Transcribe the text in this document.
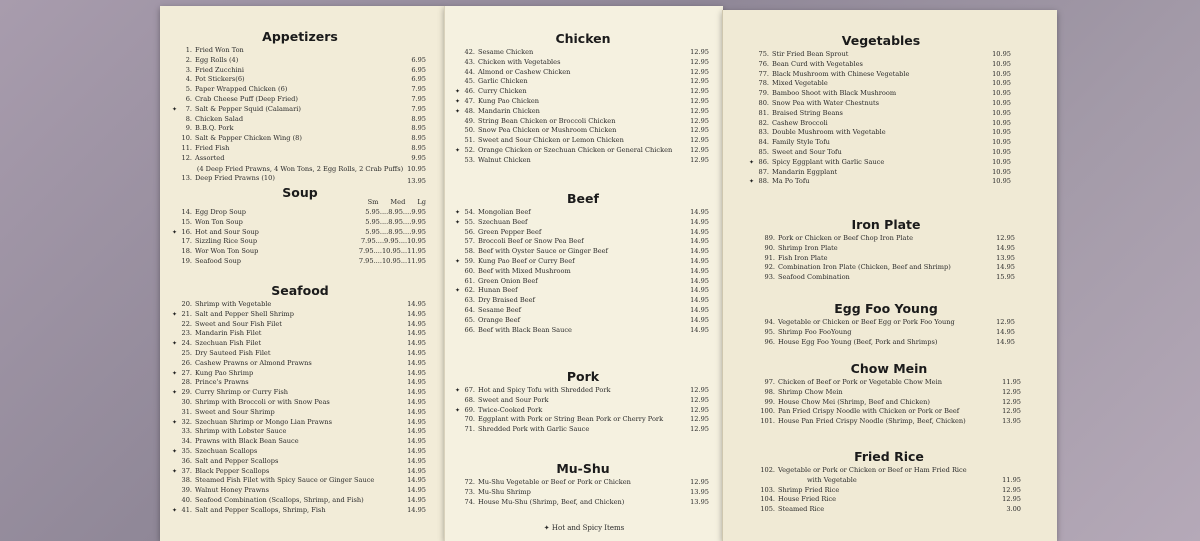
Appetizers
1. Fried Won Ton
2. Egg Rolls (4)	6.95
3. Fried Zucchini	6.95
4. Pot Stickers(6)	6.95
5. Paper Wrapped Chicken (6)	7.95
6. Crab Cheese Puff (Deep Fried)	7.95
✦ 7. Salt & Pepper Squid (Calamari)	7.95
8. Chicken Salad	8.95
9. B.B.Q. Pork	8.95
10. Salt & Papper Chicken Wing (8)	8.95
11. Fried Fish	8.95
12. Assorted	9.95
(4 Deep Fried Prawns, 4 Won Tons, 2 Egg Rolls, 2 Crab Puffs) 10.95
13. Deep Fried Prawns (10)	13.95
Soup
Sm Med Lg
14. Egg Drop Soup	5.95....8.95....9.95
15. Won Ton Soup	5.95....8.95....9.95
✦ 16. Hot and Sour Soup	5.95....8.95....9.95
17. Sizzling Rice Soup	7.95....9.95....10.95
18. Wor Won Ton Soup	7.95....10.95...11.95
19. Seafood Soup	7.95....10.95...11.95
Seafood
20. Shrimp with Vegetable	14.95
✦ 21. Salt and Pepper Shell Shrimp	14.95
22. Sweet and Sour Fish Filet	14.95
23. Mandarin Fish Filet	14.95
✦ 24. Szechuan Fish Filet	14.95
25. Dry Sauteed Fish Filet	14.95
26. Cashew Prawns or Almond Prawns	14.95
✦ 27. Kung Pao Shrimp	14.95
28. Prince's Prawns	14.95
✦ 29. Curry Shrimp or Curry Fish	14.95
30. Shrimp with Broccoli or with Snow Peas	14.95
31. Sweet and Sour Shrimp	14.95
✦ 32. Szechuan Shrimp or Mongo Lian Prawns	14.95
33. Shrimp with Lobster Sauce	14.95
34. Prawns with Black Bean Sauce	14.95
✦ 35. Szechuan Scallops	14.95
36. Salt and Pepper Scallops	14.95
✦ 37. Black Pepper Scallops	14.95
38. Steamed Fish Filet with Spicy Sauce or Ginger Sauce	14.95
39. Walnut Honey Prawns	14.95
40. Seafood Combination (Scallops, Shrimp, and Fish)	14.95
✦ 41. Salt and Pepper Scallops, Shrimp, Fish	14.95
Chicken
42. Sesame Chicken	12.95
43. Chicken with Vegetables	12.95
44. Almond or Cashew Chicken	12.95
45. Garlic Chicken	12.95
✦ 46. Curry Chicken	12.95
✦ 47. Kung Pao Chicken	12.95
✦ 48. Mandarin Chicken	12.95
49. String Bean Chicken or Broccoli Chicken	12.95
50. Snow Pea Chicken or Mushroom Chicken	12.95
51. Sweet and Sour Chicken or Lemon Chicken	12.95
✦ 52. Orange Chicken or Szechuan Chicken or General Chicken	12.95
53. Walnut Chicken	12.95
Beef
✦ 54. Mongolian Beef	14.95
✦ 55. Szechuan Beef	14.95
56. Green Pepper Beef	14.95
57. Broccoli Beef or Snow Pea Beef	14.95
58. Beef with Oyster Sauce or Ginger Beef	14.95
✦ 59. Kung Pao Beef or Curry Beef	14.95
60. Beef with Mixed Mushroom	14.95
61. Green Onion Beef	14.95
✦ 62. Hunan Beef	14.95
63. Dry Braised Beef	14.95
64. Sesame Beef	14.95
65. Orange Beef	14.95
66. Beef with Black Bean Sauce	14.95
Pork
✦ 67. Hot and Spicy Tofu with Shredded Pork	12.95
68. Sweet and Sour Pork	12.95
✦ 69. Twice-Cooked Pork	12.95
70. Eggplant with Pork or String Bean Pork or Cherry Pork	12.95
71. Shredded Pork with Garlic Sauce	12.95
Mu-Shu
72. Mu-Shu Vegetable or Beef or Pork or Chicken	12.95
73. Mu-Shu Shrimp	13.95
74. House Mu-Shu (Shrimp, Beef, and Chicken)	13.95
✦ Hot and Spicy Items
Vegetables
75. Stir Fried Bean Sprout	10.95
76. Bean Curd with Vegetables	10.95
77. Black Mushroom with Chinese Vegetable	10.95
78. Mixed Vegetable	10.95
79. Bamboo Shoot with Black Mushroom	10.95
80. Snow Pea with Water Chestnuts	10.95
81. Braised String Beans	10.95
82. Cashew Broccoli	10.95
83. Double Mushroom with Vegetable	10.95
84. Family Style Tofu	10.95
85. Sweet and Sour Tofu	10.95
✦ 86. Spicy Eggplant with Garlic Sauce	10.95
87. Mandarin Eggplant	10.95
✦ 88. Ma Po Tofu	10.95
Iron Plate
89. Pork or Chicken or Beef Chop Iron Plate	12.95
90. Shrimp Iron Plate	14.95
91. Fish Iron Plate	13.95
92. Combination Iron Plate (Chicken, Beef and Shrimp)	14.95
93. Seafood Combination	15.95
Egg Foo Young
94. Vegetable or Chicken or Beef Egg or Pork Foo Young	12.95
95. Shrimp Foo FooYoung	14.95
96. House Egg Foo Young (Beef, Pork and Shrimps)	14.95
Chow Mein
97. Chicken of Beef or Pork or Vegetable Chow Mein	11.95
98. Shrimp Chow Mein	12.95
99. House Chow Mei (Shrimp, Beef and Chicken)	12.95
100. Pan Fried Crispy Noodle with Chicken or Pork or Beef	12.95
101. House Pan Fried Crispy Noodle (Shrimp, Beef, Chicken)	13.95
Fried Rice
102. Vegetable or Pork or Chicken or Beef or Ham Fried Rice
with Vegetable	11.95
103. Shrimp Fried Rice	12.95
104. House Fried Rice	12.95
105. Steamed Rice	3.00
